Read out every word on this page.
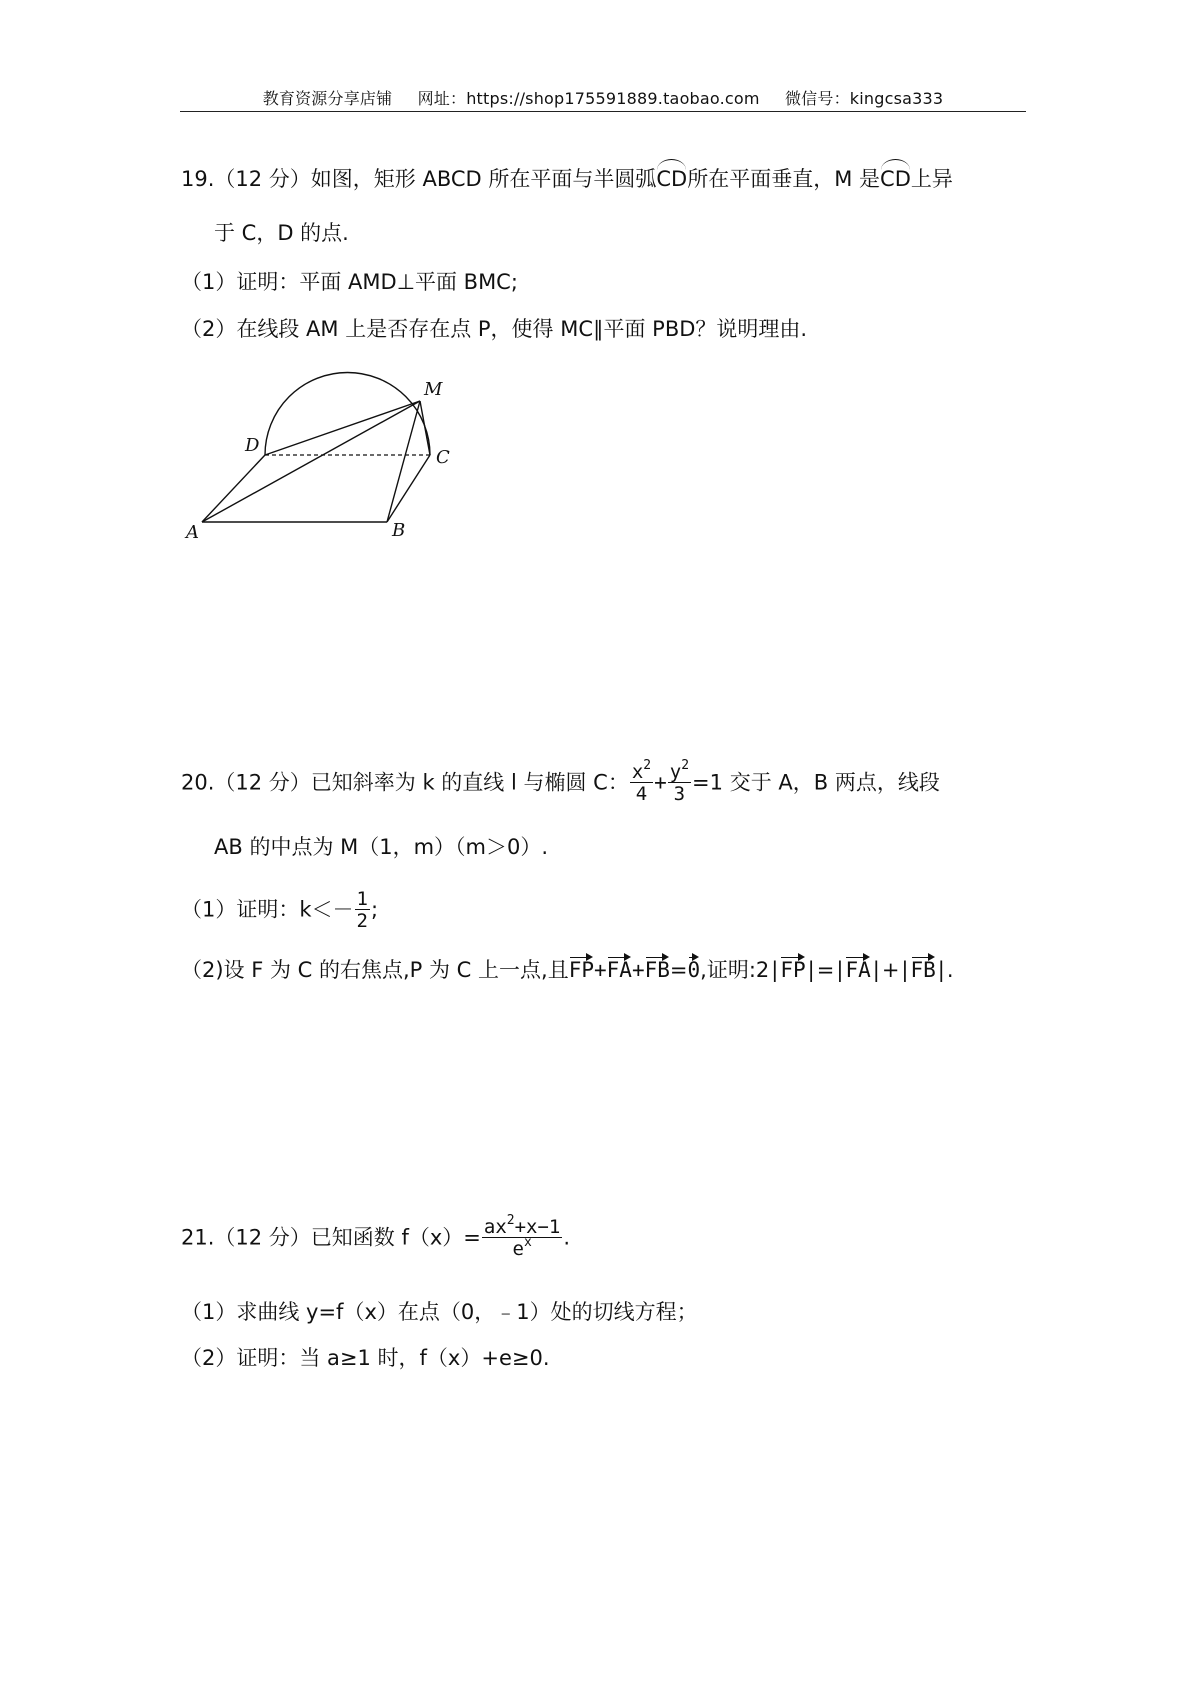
教育资源分享店铺 网址：https://shop175591889.taobao.com 微信号：kingcsa333
19.（12 分）如图，矩形 ABCD 所在平面与半圆弧CD所在平面垂直，M 是CD上异
于 C，D 的点.
（1）证明：平面 AMD⊥平面 BMC;
（2）在线段 AM 上是否存在点 P，使得 MC∥平面 PBD？说明理由.
M
D
C
A	B
20.（12 分）已知斜率为 k 的直线 l 与椭圆 C： $\frac{x^2}{4} + \frac{y^2}{3} =1$ 交于 A，B 两点，线段
AB 的中点为 M（1，m）（m＞0）.
（1）证明：$k<- \frac{1}{2}$ ;
（2)设 F 为 C 的右焦点,P 为 C 上一点,且FP+FA+FB=0,证明:2|FP|=|FA|+|FB|.
21.（12 分）已知函数 $f(x)= \frac{ax^2+x-1}{e^x}$ .
（1）求曲线 y=f（x）在点（0，﹣1）处的切线方程；
（2）证明：当 a≥1 时，f（x）+e≥0.
